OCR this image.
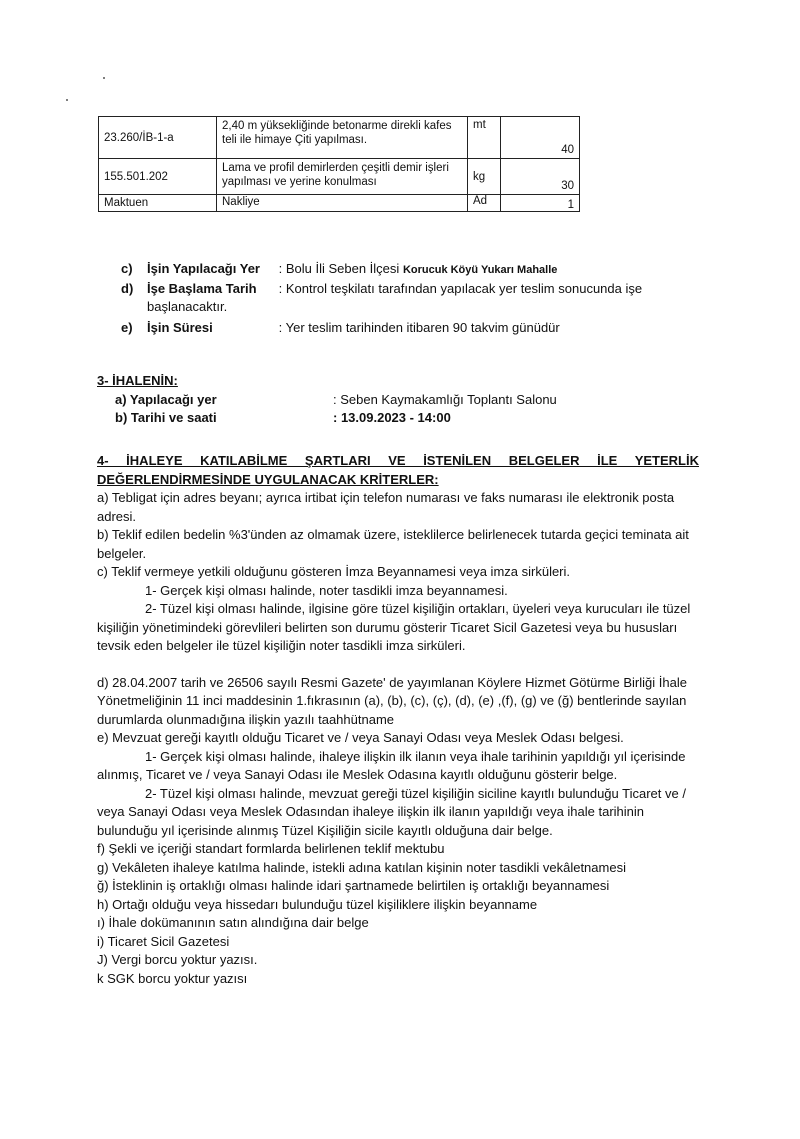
23.260/İB-1-a	2,40 m yüksekliğinde betonarme direkli kafes teli ile himaye Çiti yapılması.	mt	40
155.501.202	Lama ve profil demirlerden çeşitli demir işleri yapılması ve yerine konulması	kg	30
Maktuen	Nakliye	Ad	1
c) İşin Yapılacağı Yer : Bolu İli Seben İlçesi Korucuk Köyü Yukarı Mahalle
d) İşe Başlama Tarih : Kontrol teşkilatı tarafından yapılacak yer teslim sonucunda işe
başlanacaktır.
e) İşin Süresi	: Yer teslim tarihinden itibaren 90 takvim günüdür
3- İHALENİN:
a) Yapılacağı yer	: Seben Kaymakamlığı Toplantı Salonu
b) Tarihi ve saati	: 13.09.2023 - 14:00

4- İHALEYE KATILABİLME ŞARTLARI VE İSTENİLEN BELGELER İLE YETERLİK DEĞERLENDİRMESİNDE UYGULANACAK KRİTERLER:

a) Tebligat için adres beyanı; ayrıca irtibat için telefon numarası ve faks numarası ile elektronik posta adresi.

b) Teklif edilen bedelin %3'ünden az olmamak üzere, isteklilerce belirlenecek tutarda geçici teminata ait belgeler.

c) Teklif vermeye yetkili olduğunu gösteren İmza Beyannamesi veya imza sirküleri.

1- Gerçek kişi olması halinde, noter tasdikli imza beyannamesi.

2- Tüzel kişi olması halinde, ilgisine göre tüzel kişiliğin ortakları, üyeleri veya kurucuları ile tüzel kişiliğin yönetimindeki görevlileri belirten son durumu gösterir Ticaret Sicil Gazetesi veya bu hususları tevsik eden belgeler ile tüzel kişiliğin noter tasdikli imza sirküleri.

d) 28.04.2007 tarih ve 26506 sayılı Resmi Gazete' de yayımlanan Köylere Hizmet Götürme Birliği İhale Yönetmeliğinin 11 inci maddesinin 1.fıkrasının (a), (b), (c), (ç), (d), (e) ,(f), (g) ve (ğ) bentlerinde sayılan durumlarda olunmadığına ilişkin yazılı taahhütname

e) Mevzuat gereği kayıtlı olduğu Ticaret ve / veya Sanayi Odası veya Meslek Odası belgesi.

1- Gerçek kişi olması halinde, ihaleye ilişkin ilk ilanın veya ihale tarihinin yapıldığı yıl içerisinde alınmış, Ticaret ve / veya Sanayi Odası ile Meslek Odasına kayıtlı olduğunu gösterir belge.

2- Tüzel kişi olması halinde, mevzuat gereği tüzel kişiliğin siciline kayıtlı bulunduğu Ticaret ve / veya Sanayi Odası veya Meslek Odasından ihaleye ilişkin ilk ilanın yapıldığı veya ihale tarihinin bulunduğu yıl içerisinde alınmış Tüzel Kişiliğin sicile kayıtlı olduğuna dair belge.

f) Şekli ve içeriği standart formlarda belirlenen teklif mektubu

g) Vekâleten ihaleye katılma halinde, istekli adına katılan kişinin noter tasdikli vekâletnamesi

ğ) İsteklinin iş ortaklığı olması halinde idari şartnamede belirtilen iş ortaklığı beyannamesi

h) Ortağı olduğu veya hissedarı bulunduğu tüzel kişiliklere ilişkin beyanname

ı) İhale dokümanının satın alındığına dair belge

i) Ticaret Sicil Gazetesi

J) Vergi borcu yoktur yazısı.

k SGK borcu yoktur yazısı
